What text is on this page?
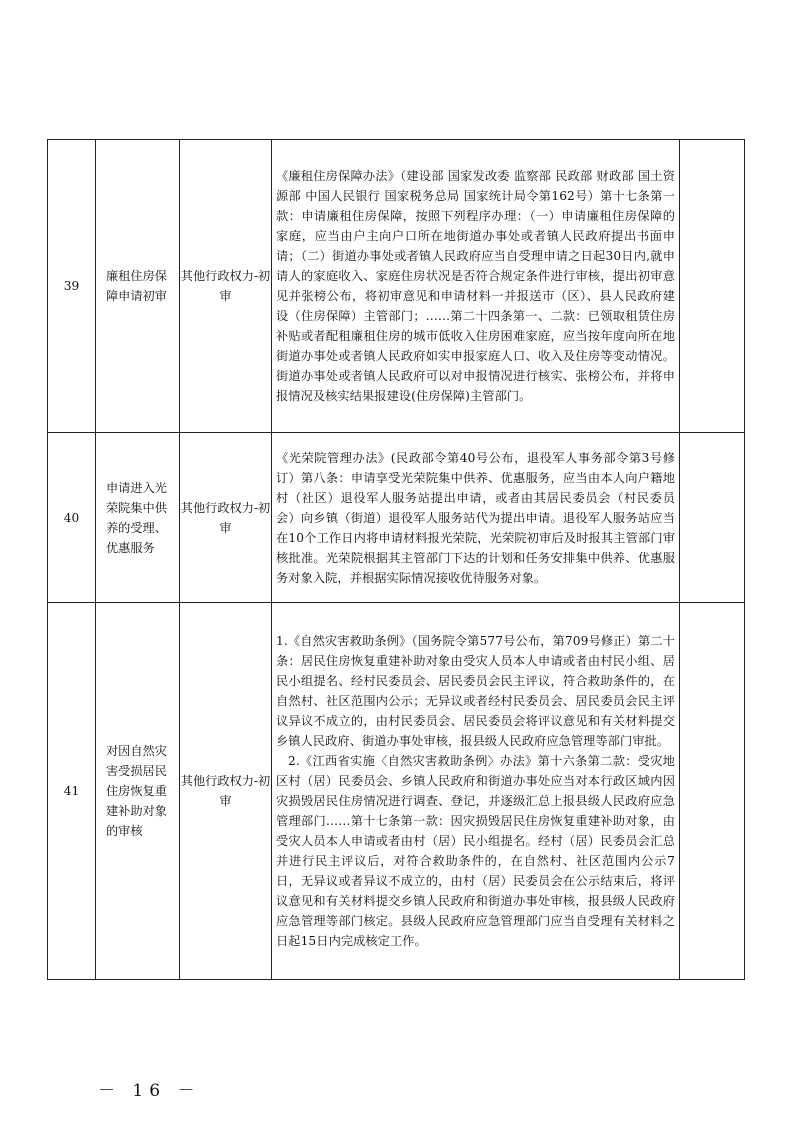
39	廉租住房保障申请初审	其他行政权力-初审	《廉租住房保障办法》（建设部 国家发改委 监察部 民政部 财政部 国土资源部 中国人民银行 国家税务总局 国家统计局令第162号）第十七条第一款：申请廉租住房保障，按照下列程序办理：（一）申请廉租住房保障的家庭，应当由户主向户口所在地街道办事处或者镇人民政府提出书面申请；（二）街道办事处或者镇人民政府应当自受理申请之日起30日内,就申请人的家庭收入、家庭住房状况是否符合规定条件进行审核，提出初审意见并张榜公布，将初审意见和申请材料一并报送市（区）、县人民政府建设（住房保障）主管部门；……第二十四条第一、二款：已领取租赁住房补贴或者配租廉租住房的城市低收入住房困难家庭，应当按年度向所在地街道办事处或者镇人民政府如实申报家庭人口、收入及住房等变动情况。街道办事处或者镇人民政府可以对申报情况进行核实、张榜公布，并将申报情况及核实结果报建设(住房保障)主管部门。	

40	申请进入光荣院集中供养的受理、优惠服务	其他行政权力-初审	《光荣院管理办法》(民政部令第40号公布，退役军人事务部令第3号修订）第八条：申请享受光荣院集中供养、优惠服务，应当由本人向户籍地村（社区）退役军人服务站提出申请，或者由其居民委员会（村民委员会）向乡镇（街道）退役军人服务站代为提出申请。退役军人服务站应当在10个工作日内将申请材料报光荣院，光荣院初审后及时报其主管部门审核批准。光荣院根据其主管部门下达的计划和任务安排集中供养、优惠服务对象入院，并根据实际情况接收优待服务对象。	

41	对因自然灾害受损居民住房恢复重建补助对象的审核	其他行政权力-初审	1.《自然灾害救助条例》（国务院令第577号公布，第709号修正）第二十条：居民住房恢复重建补助对象由受灾人员本人申请或者由村民小组、居民小组提名、经村民委员会、居民委员会民主评议，符合救助条件的，在自然村、社区范围内公示；无异议或者经村民委员会、居民委员会民主评议异议不成立的，由村民委员会、居民委员会将评议意见和有关材料提交乡镇人民政府、街道办事处审核，报县级人民政府应急管理等部门审批。

2.《江西省实施〈自然灾害救助条例〉办法》第十六条第二款：受灾地区村（居）民委员会、乡镇人民政府和街道办事处应当对本行政区域内因灾损毁居民住房情况进行调查、登记，并逐级汇总上报县级人民政府应急管理部门……第十七条第一款：因灾损毁居民住房恢复重建补助对象，由受灾人员本人申请或者由村（居）民小组提名。经村（居）民委员会汇总并进行民主评议后，对符合救助条件的，在自然村、社区范围内公示7日，无异议或者异议不成立的，由村（居）民委员会在公示结束后，将评议意见和有关材料提交乡镇人民政府和街道办事处审核，报县级人民政府应急管理等部门核定。县级人民政府应急管理部门应当自受理有关材料之日起15日内完成核定工作。	

－ 16 －
